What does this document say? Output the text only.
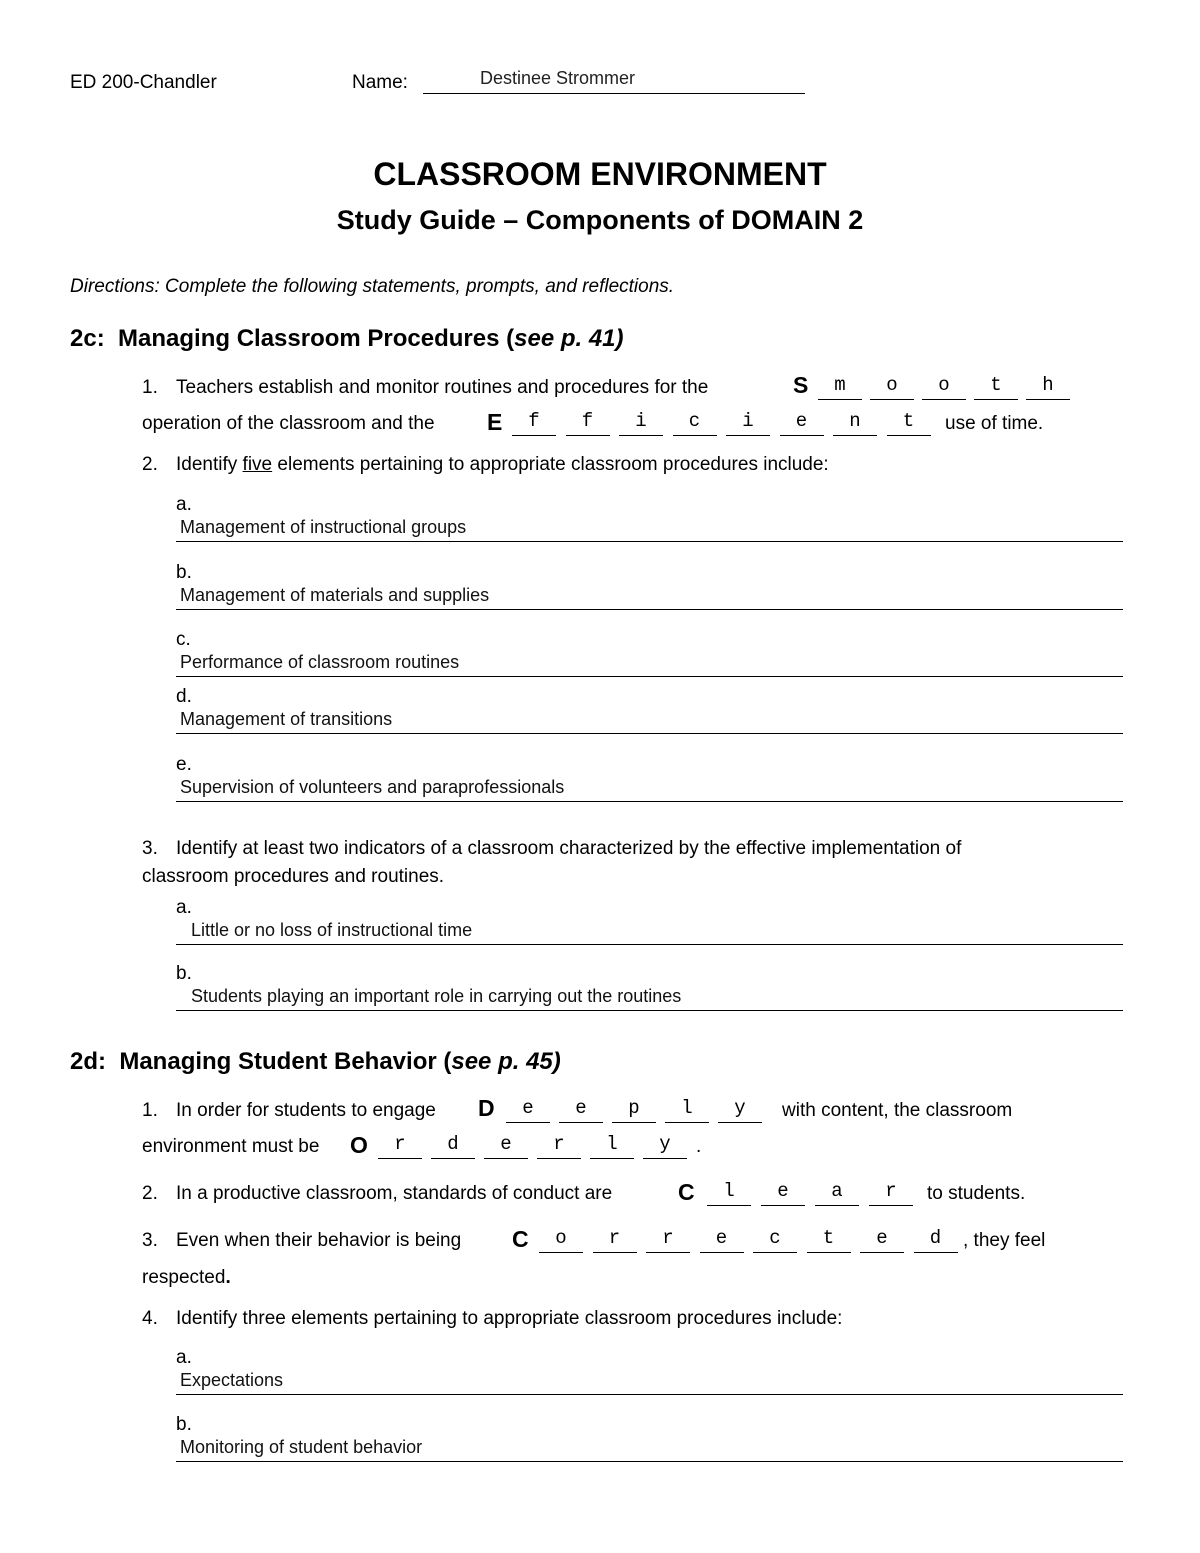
ED 200-Chandler	Name:	Destinee Strommer
CLASSROOM ENVIRONMENT
Study Guide – Components of DOMAIN 2
Directions: Complete the following statements, prompts, and reflections.
2c: Managing Classroom Procedures (see p. 41)
1. Teachers establish and monitor routines and procedures for the	S	m	o	o	t	h
operation of the classroom and the E	f	f	i	c	i	e	n	t	use of time.
2. Identify five elements pertaining to appropriate classroom procedures include:
a.
Management of instructional groups
b.
Management of materials and supplies
c.
Performance of classroom routines
d.
Management of transitions
e.
Supervision of volunteers and paraprofessionals
3. Identify at least two indicators of a classroom characterized by the effective implementation of
classroom procedures and routines.
a.
Little or no loss of instructional time
b.
Students playing an important role in carrying out the routines
2d: Managing Student Behavior (see p. 45)
1. In order for students to engage D	e	e	p	l	y	with content, the classroom
environment must be O	r	d	e	r	l	y	.
2. In a productive classroom, standards of conduct are	C	l	e	a	r	to students.
3. Even when their behavior is being C	o	r	r	e	c	t	e	d	, they feel
respected.
4. Identify three elements pertaining to appropriate classroom procedures include:
a.
Expectations
b.
Monitoring of student behavior
